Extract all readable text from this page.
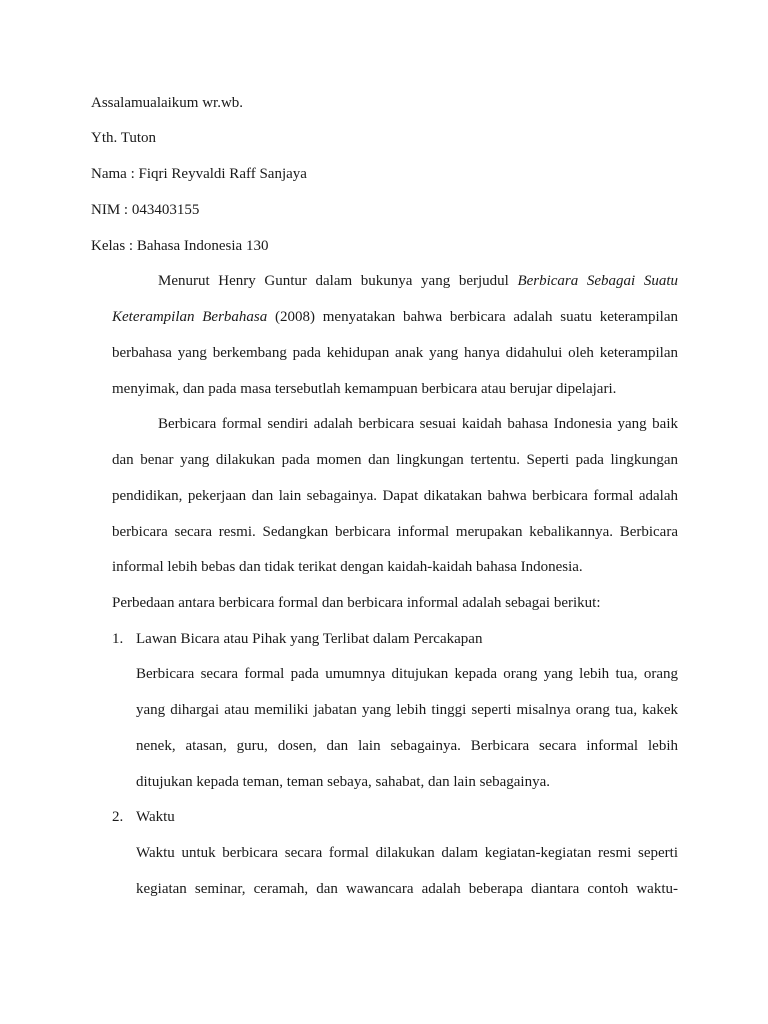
Assalamualaikum wr.wb.
Yth. Tuton
Nama : Fiqri Reyvaldi Raff Sanjaya
NIM : 043403155
Kelas : Bahasa Indonesia 130
Menurut Henry Guntur dalam bukunya yang berjudul Berbicara Sebagai Suatu
Keterampilan Berbahasa (2008) menyatakan bahwa berbicara adalah suatu keterampilan
berbahasa yang berkembang pada kehidupan anak yang hanya didahului oleh keterampilan
menyimak, dan pada masa tersebutlah kemampuan berbicara atau berujar dipelajari.
Berbicara formal sendiri adalah berbicara sesuai kaidah bahasa Indonesia yang baik
dan benar yang dilakukan pada momen dan lingkungan tertentu. Seperti pada lingkungan
pendidikan, pekerjaan dan lain sebagainya. Dapat dikatakan bahwa berbicara formal adalah
berbicara secara resmi. Sedangkan berbicara informal merupakan kebalikannya. Berbicara
informal lebih bebas dan tidak terikat dengan kaidah-kaidah bahasa Indonesia.
Perbedaan antara berbicara formal dan berbicara informal adalah sebagai berikut:
1. Lawan Bicara atau Pihak yang Terlibat dalam Percakapan
Berbicara secara formal pada umumnya ditujukan kepada orang yang lebih tua, orang
yang dihargai atau memiliki jabatan yang lebih tinggi seperti misalnya orang tua, kakek
nenek, atasan, guru, dosen, dan lain sebagainya. Berbicara secara informal lebih
ditujukan kepada teman, teman sebaya, sahabat, dan lain sebagainya.
2. Waktu
Waktu untuk berbicara secara formal dilakukan dalam kegiatan-kegiatan resmi seperti
kegiatan seminar, ceramah, dan wawancara adalah beberapa diantara contoh waktu-
